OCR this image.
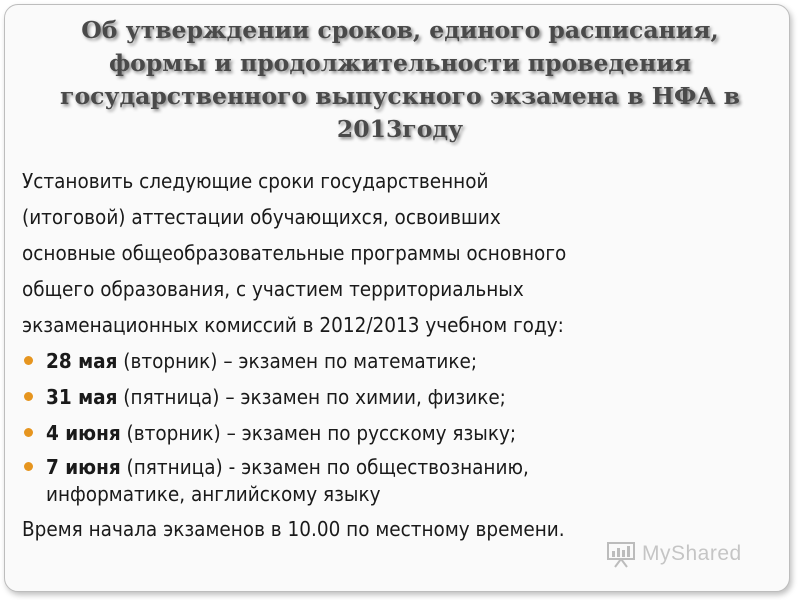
Об утверждении сроков, единого расписания,
формы и продолжительности проведения
государственного выпускного экзамена в НФА в
2013году
Установить следующие сроки государственной
(итоговой) аттестации обучающихся, освоивших
основные общеобразовательные программы основного
общего образования, с участием территориальных
экзаменационных комиссий в 2012/2013 учебном году:
28 мая (вторник) – экзамен по математике;
31 мая (пятница) – экзамен по химии, физике;
4 июня (вторник) – экзамен по русскому языку;
7 июня (пятница) - экзамен по обществознанию,
информатике, английскому языку
Время начала экзаменов в 10.00 по местному времени.
MyShared
